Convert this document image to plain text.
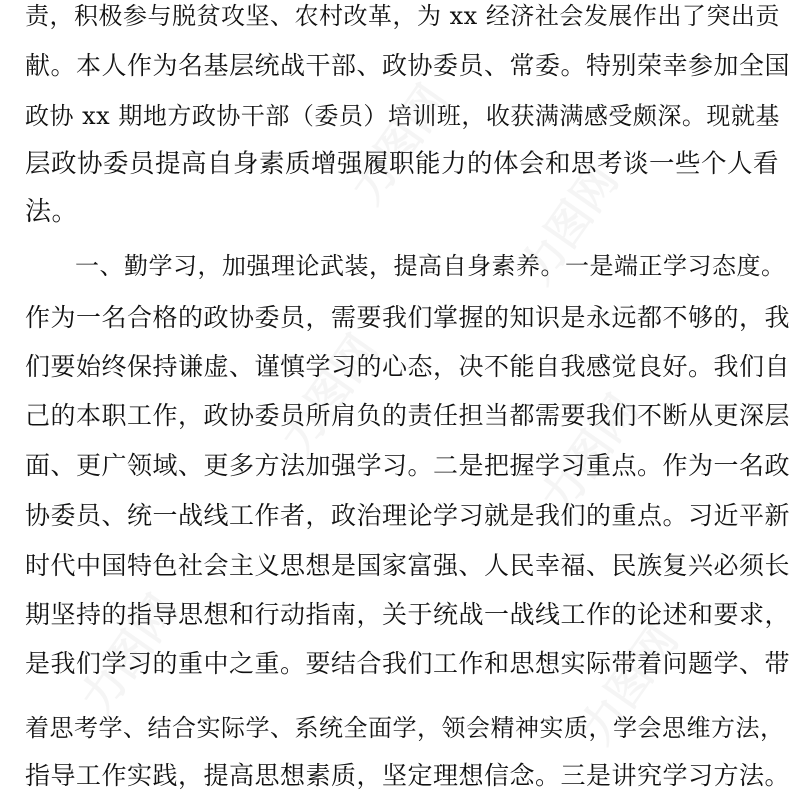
责，积极参与脱贫攻坚、农村改革，为 xx 经济社会发展作出了突出贡

献。本人作为名基层统战干部、政协委员、常委。特别荣幸参加全国

政协 xx 期地方政协干部（委员）培训班，收获满满感受颇深。现就基

层政协委员提高自身素质增强履职能力的体会和思考谈一些个人看

法。

一、勤学习，加强理论武装，提高自身素养。一是端正学习态度。

作为一名合格的政协委员，需要我们掌握的知识是永远都不够的，我

们要始终保持谦虚、谨慎学习的心态，决不能自我感觉良好。我们自

己的本职工作，政协委员所肩负的责任担当都需要我们不断从更深层

面、更广领域、更多方法加强学习。二是把握学习重点。作为一名政

协委员、统一战线工作者，政治理论学习就是我们的重点。习近平新

时代中国特色社会主义思想是国家富强、人民幸福、民族复兴必须长

期坚持的指导思想和行动指南，关于统战一战线工作的论述和要求，

是我们学习的重中之重。要结合我们工作和思想实际带着问题学、带

着思考学、结合实际学、系统全面学，领会精神实质，学会思维方法，

指导工作实践，提高思想素质，坚定理想信念。三是讲究学习方法。
